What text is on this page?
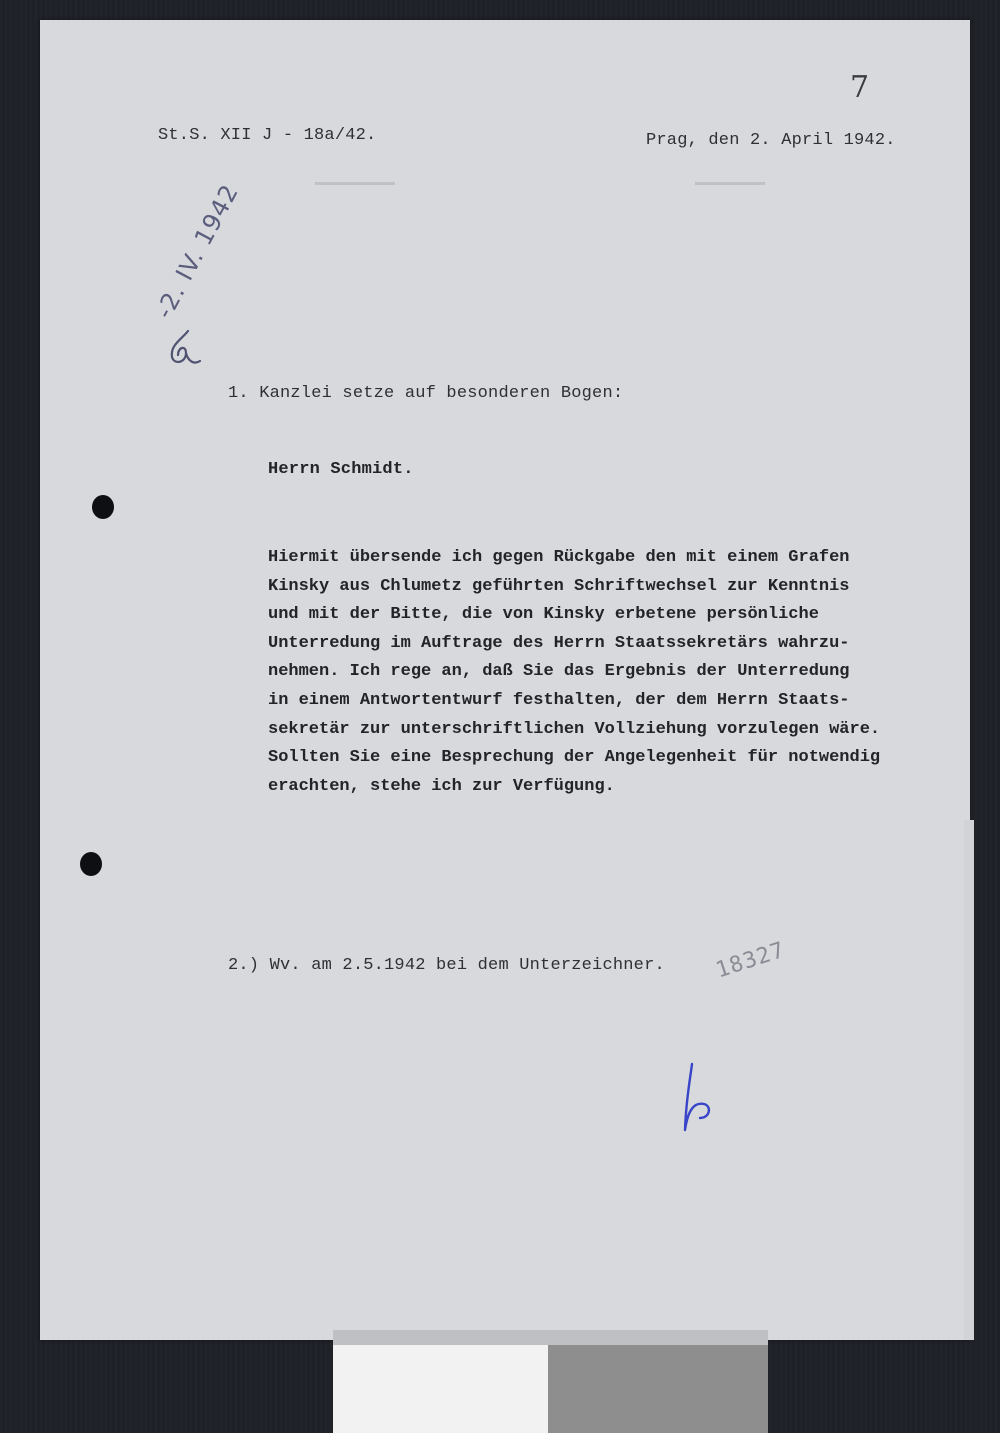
7
St.S. XII J - 18a/42.	Prag, den 2. April 1942.
-2. IV. 1942
1. Kanzlei setze auf besonderen Bogen:
Herrn Schmidt.
Hiermit übersende ich gegen Rückgabe den mit einem Grafen
Kinsky aus Chlumetz geführten Schriftwechsel zur Kenntnis
und mit der Bitte, die von Kinsky erbetene persönliche
Unterredung im Auftrage des Herrn Staatssekretärs wahrzu-
nehmen. Ich rege an, daß Sie das Ergebnis der Unterredung
in einem Antwortentwurf festhalten, der dem Herrn Staats-
sekretär zur unterschriftlichen Vollziehung vorzulegen wäre.
Sollten Sie eine Besprechung der Angelegenheit für notwendig
erachten, stehe ich zur Verfügung.
2.) Wv. am 2.5.1942 bei dem Unterzeichner. 18327
